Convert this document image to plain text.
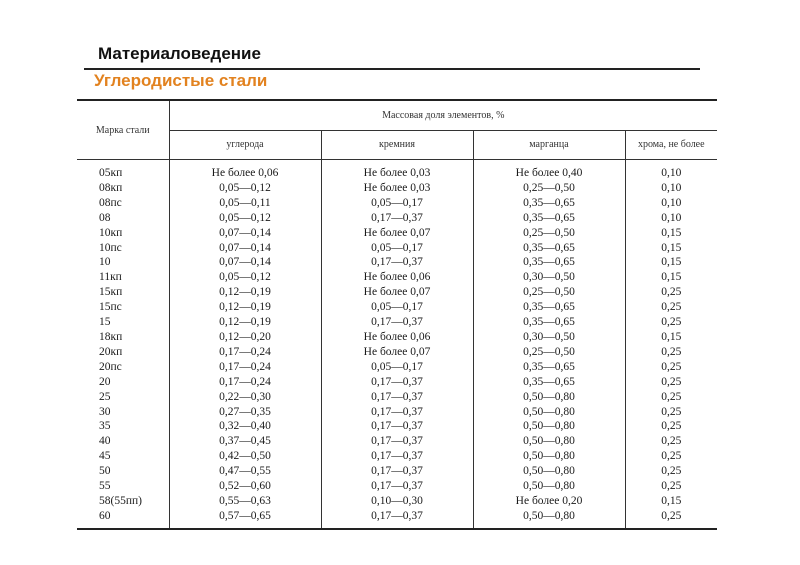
Материаловедение
Углеродистые стали
Марка стали	Массовая доля элементов, %			
	углерода	кремния	марганца	хрома, не более
05кп	Не более 0,06	Не более 0,03	Не более 0,40	0,10
08кп	0,05—0,12	Не более 0,03	0,25—0,50	0,10
08пс	0,05—0,11	0,05—0,17	0,35—0,65	0,10
08	0,05—0,12	0,17—0,37	0,35—0,65	0,10
10кп	0,07—0,14	Не более 0,07	0,25—0,50	0,15
10пс	0,07—0,14	0,05—0,17	0,35—0,65	0,15
10	0,07—0,14	0,17—0,37	0,35—0,65	0,15
11кп	0,05—0,12	Не более 0,06	0,30—0,50	0,15
15кп	0,12—0,19	Не более 0,07	0,25—0,50	0,25
15пс	0,12—0,19	0,05—0,17	0,35—0,65	0,25
15	0,12—0,19	0,17—0,37	0,35—0,65	0,25
18кп	0,12—0,20	Не более 0,06	0,30—0,50	0,15
20кп	0,17—0,24	Не более 0,07	0,25—0,50	0,25
20пс	0,17—0,24	0,05—0,17	0,35—0,65	0,25
20	0,17—0,24	0,17—0,37	0,35—0,65	0,25
25	0,22—0,30	0,17—0,37	0,50—0,80	0,25
30	0,27—0,35	0,17—0,37	0,50—0,80	0,25
35	0,32—0,40	0,17—0,37	0,50—0,80	0,25
40	0,37—0,45	0,17—0,37	0,50—0,80	0,25
45	0,42—0,50	0,17—0,37	0,50—0,80	0,25
50	0,47—0,55	0,17—0,37	0,50—0,80	0,25
55	0,52—0,60	0,17—0,37	0,50—0,80	0,25
58(55пп)	0,55—0,63	0,10—0,30	Не более 0,20	0,15
60	0,57—0,65	0,17—0,37	0,50—0,80	0,25
